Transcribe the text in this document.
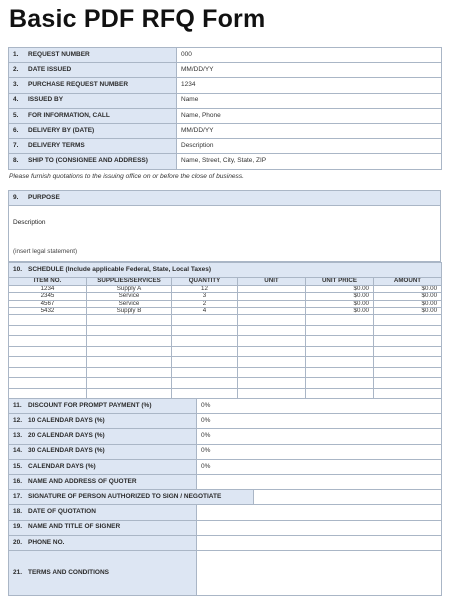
Basic PDF RFQ Form
1. REQUEST NUMBER	000
2. DATE ISSUED	MM/DD/YY
3. PURCHASE REQUEST NUMBER	1234
4. ISSUED BY	Name
5. FOR INFORMATION, CALL	Name, Phone
6. DELIVERY BY (DATE)	MM/DD/YY
7. DELIVERY TERMS	Description
8. SHIP TO (CONSIGNEE AND ADDRESS)	Name, Street, City, State, ZIP
Please furnish quotations to the issuing office on or before the close of business.
9. PURPOSE
Description
(insert legal statement)
10. SCHEDULE (Include applicable Federal, State, Local Taxes)					
ITEM NO.	SUPPLIES/SERVICES	QUANTITY	UNIT	UNIT PRICE	AMOUNT
1234	Supply A	12		$0.00	$0.00
2345	Service	3		$0.00	$0.00
4567	Service	2		$0.00	$0.00
5432	Supply B	4		$0.00	$0.00

11. DISCOUNT FOR PROMPT PAYMENT (%)	0%	
12. 10 CALENDAR DAYS (%)	0%	
13. 20 CALENDAR DAYS (%)	0%	
14. 30 CALENDAR DAYS (%)	0%	
15. CALENDAR DAYS (%)	0%	
16. NAME AND ADDRESS OF QUOTER		
17. SIGNATURE OF PERSON AUTHORIZED TO SIGN / NEGOTIATE		
18. DATE OF QUOTATION		
19. NAME AND TITLE OF SIGNER		
20. PHONE NO.		
21. TERMS AND CONDITIONS		
